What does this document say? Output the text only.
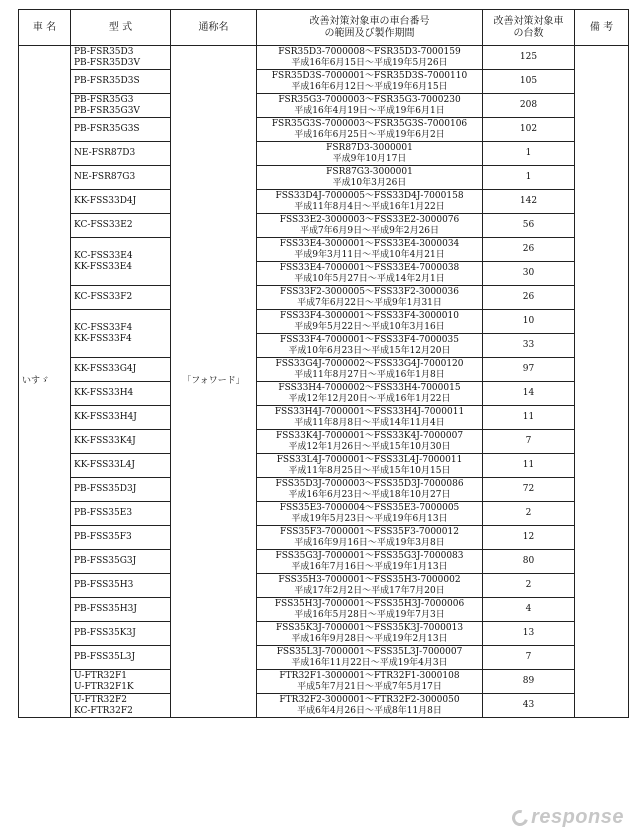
車 名	型 式	通称名	改善対策対象車の車台番号
の範囲及び製作期間	改善対策対象車
の台数	備 考
いすゞ	PB-FSR35D3
PB-FSR35D3V	「フォワード」	FSR35D3-7000008～FSR35D3-7000159
平成16年6月15日～平成19年5月26日	125	

	PB-FSR35D3S		FSR35D3S-7000001～FSR35D3S-7000110
平成16年6月12日～平成19年6月15日	105	

	PB-FSR35G3
PB-FSR35G3V		FSR35G3-7000003～FSR35G3-7000230
平成16年4月19日～平成19年6月1日	208	

	PB-FSR35G3S		FSR35G3S-7000003～FSR35G3S-7000106
平成16年6月25日～平成19年6月2日	102	

	NE-FSR87D3		FSR87D3-3000001
平成9年10月17日	1	

	NE-FSR87G3		FSR87G3-3000001
平成10年3月26日	1	

	KK-FSS33D4J		FSS33D4J-7000005～FSS33D4J-7000158
平成11年8月4日～平成16年1月22日	142	

	KC-FSS33E2		FSS33E2-3000003～FSS33E2-3000076
平成7年6月9日～平成9年2月26日	56	

	KC-FSS33E4
KK-FSS33E4		FSS33E4-3000001～FSS33E4-3000034
平成9年3月11日～平成10年4月21日	26	

			FSS33E4-7000001～FSS33E4-7000038
平成10年5月27日～平成14年2月1日	30	

	KC-FSS33F2		FSS33F2-3000005～FSS33F2-3000036
平成7年6月22日～平成9年1月31日	26	

	KC-FSS33F4
KK-FSS33F4		FSS33F4-3000001～FSS33F4-3000010
平成9年5月22日～平成10年3月16日	10	

			FSS33F4-7000001～FSS33F4-7000035
平成10年6月23日～平成15年12月20日	33	

	KK-FSS33G4J		FSS33G4J-7000002～FSS33G4J-7000120
平成11年8月27日～平成16年1月8日	97	

	KK-FSS33H4		FSS33H4-7000002～FSS33H4-7000015
平成12年12月20日～平成16年1月22日	14	

	KK-FSS33H4J		FSS33H4J-7000001～FSS33H4J-7000011
平成11年8月8日～平成14年11月4日	11	

	KK-FSS33K4J		FSS33K4J-7000001～FSS33K4J-7000007
平成12年1月26日～平成15年10月30日	7	

	KK-FSS33L4J		FSS33L4J-7000001～FSS33L4J-7000011
平成11年8月25日～平成15年10月15日	11	

	PB-FSS35D3J		FSS35D3J-7000003～FSS35D3J-7000086
平成16年6月23日～平成18年10月27日	72	

	PB-FSS35E3		FSS35E3-7000004～FSS35E3-7000005
平成19年5月23日～平成19年6月13日	2	

	PB-FSS35F3		FSS35F3-7000001～FSS35F3-7000012
平成16年9月16日～平成19年3月8日	12	

	PB-FSS35G3J		FSS35G3J-7000001～FSS35G3J-7000083
平成16年7月16日～平成19年1月13日	80	

	PB-FSS35H3		FSS35H3-7000001～FSS35H3-7000002
平成17年2月2日～平成17年7月20日	2	

	PB-FSS35H3J		FSS35H3J-7000001～FSS35H3J-7000006
平成16年5月28日～平成19年7月3日	4	

	PB-FSS35K3J		FSS35K3J-7000001～FSS35K3J-7000013
平成16年9月28日～平成19年2月13日	13	

	PB-FSS35L3J		FSS35L3J-7000001～FSS35L3J-7000007
平成16年11月22日～平成19年4月3日	7	

	U-FTR32F1
U-FTR32F1K		FTR32F1-3000001～FTR32F1-3000108
平成5年7月21日～平成7年5月17日	89	

	U-FTR32F2
KC-FTR32F2		FTR32F2-3000001～FTR32F2-3000050
平成6年4月26日～平成8年11月8日	43	
response
